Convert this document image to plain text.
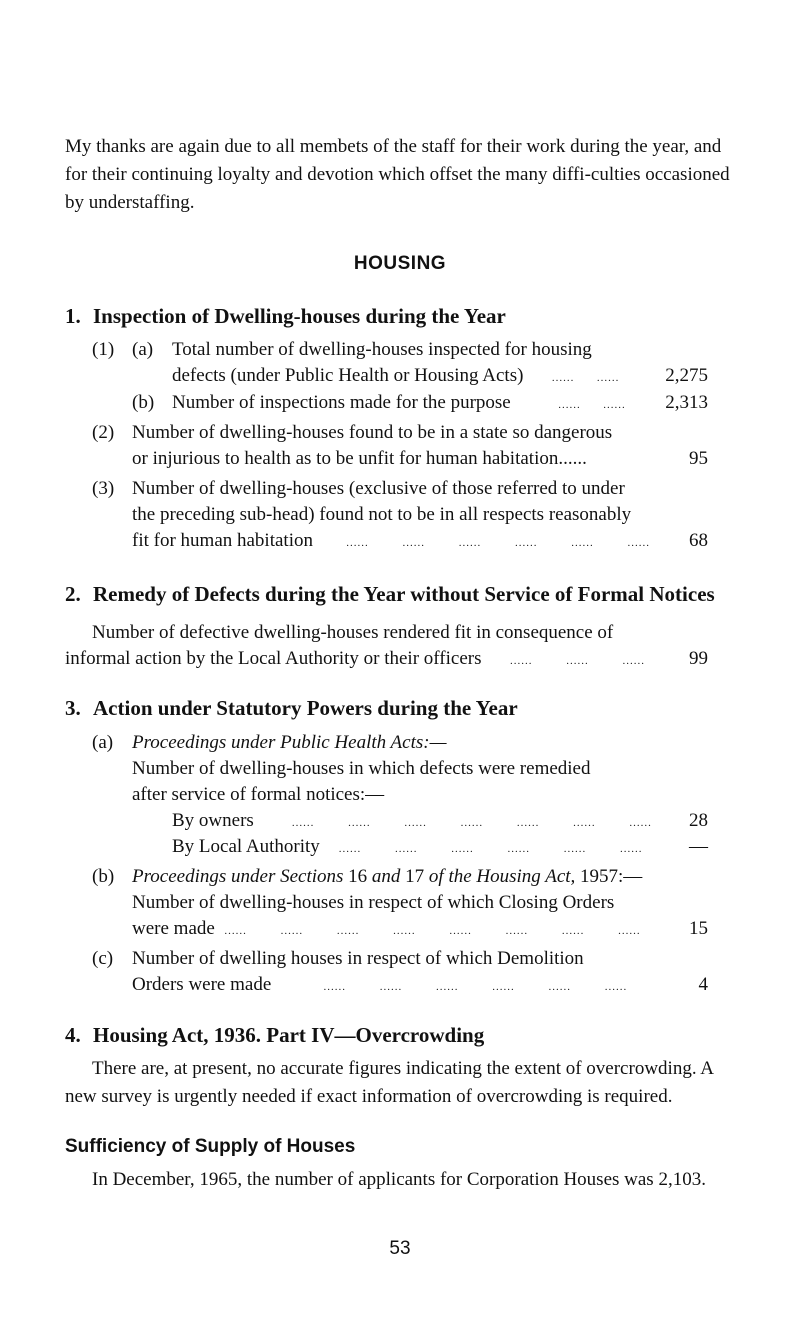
My thanks are again due to all membets of the staff for their work during the year, and for their continuing loyalty and devotion which offset the many diffi-culties occasioned by understaffing.
HOUSING
1. Inspection of Dwelling-houses during the Year
(1) (a) Total number of dwelling-houses inspected for housing
defects (under Public Health or Housing Acts)	......      ...... 2,275
(b) Number of inspections made for the purpose	......      ...... 2,313
(2) Number of dwelling-houses found to be in a state so dangerous
or injurious to health as to be unfit for human habitation......	95
(3) Number of dwelling-houses (exclusive of those referred to under
the preceding sub-head) found not to be in all respects reasonably
fit for human habitation	......         ......         ......         ......         ......         ...... 68
2. Remedy of Defects during the Year without Service of Formal Notices
Number of defective dwelling-houses rendered fit in consequence of
informal action by the Local Authority or their officers	......         ......         ...... 99
3. Action under Statutory Powers during the Year
(a) Proceedings under Public Health Acts:—
Number of dwelling-houses in which defects were remedied
after service of formal notices:—
By owners	......         ......         ......         ......         ......         ......         ...... 28
By Local Authority ......         ......         ......         ......         ......         ...... —
(b) Proceedings under Sections 16 and 17 of the Housing Act, 1957:—
Number of dwelling-houses in respect of which Closing Orders
were made ......         ......         ......         ......         ......         ......         ......         ......	15
(c) Number of dwelling houses in respect of which Demolition
Orders were made	......         ......         ......         ......         ......         ......	4
4. Housing Act, 1936. Part IV—Overcrowding
There are, at present, no accurate figures indicating the extent of overcrowding. A new survey is urgently needed if exact information of overcrowding is required.
Sufficiency of Supply of Houses
In December, 1965, the number of applicants for Corporation Houses was 2,103.
53
